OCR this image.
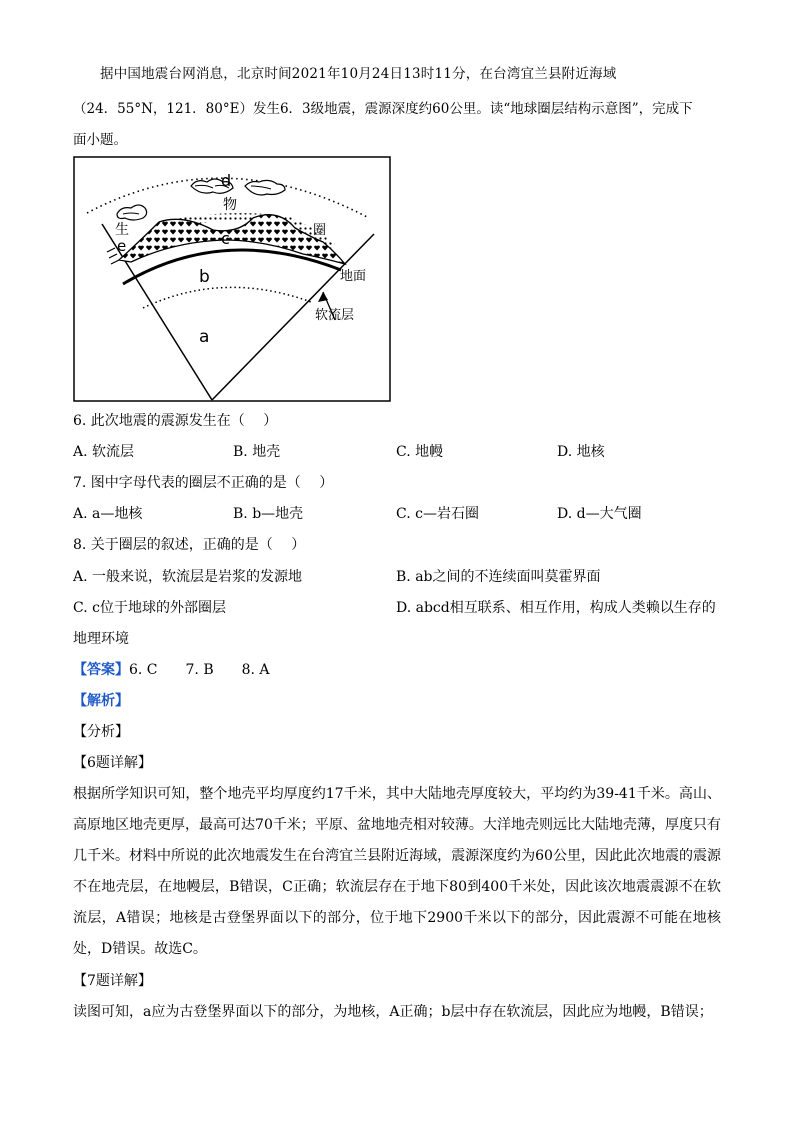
据中国地震台网消息，北京时间2021年10月24日13时11分，在台湾宜兰县附近海域
（24．55°N，121．80°E）发生6．3级地震，震源深度约60公里。读“地球圈层结构示意图”，完成下
面小题。
d
物
生
e	c	圈
地面
b
软流层
a
6. 此次地震的震源发生在（　 ）
A. 软流层	B. 地壳	C. 地幔	D. 地核
7. 图中字母代表的圈层不正确的是（　 ）
A. a—地核	B. b—地壳	C. c—岩石圈	D. d—大气圈
8. 关于圈层的叙述，正确的是（　 ）
A. 一般来说，软流层是岩浆的发源地	B. ab之间的不连续面叫莫霍界面
C. c位于地球的外部圈层	D. abcd相互联系、相互作用，构成人类赖以生存的
地理环境
【答案】6. C　　7. B　　8. A
【解析】
【分析】
【6题详解】
根据所学知识可知，整个地壳平均厚度约17千米，其中大陆地壳厚度较大，平均约为39-41千米。高山、高原地区地壳更厚，最高可达70千米；平原、盆地地壳相对较薄。大洋地壳则远比大陆地壳薄，厚度只有几千米。材料中所说的此次地震发生在台湾宜兰县附近海域，震源深度约为60公里，因此此次地震的震源不在地壳层，在地幔层，B错误，C正确；软流层存在于地下80到400千米处，因此该次地震震源不在软流层，A错误；地核是古登堡界面以下的部分，位于地下2900千米以下的部分，因此震源不可能在地核处，D错误。故选C。
【7题详解】
读图可知，a应为古登堡界面以下的部分，为地核，A正确；b层中存在软流层，因此应为地幔，B错误；
